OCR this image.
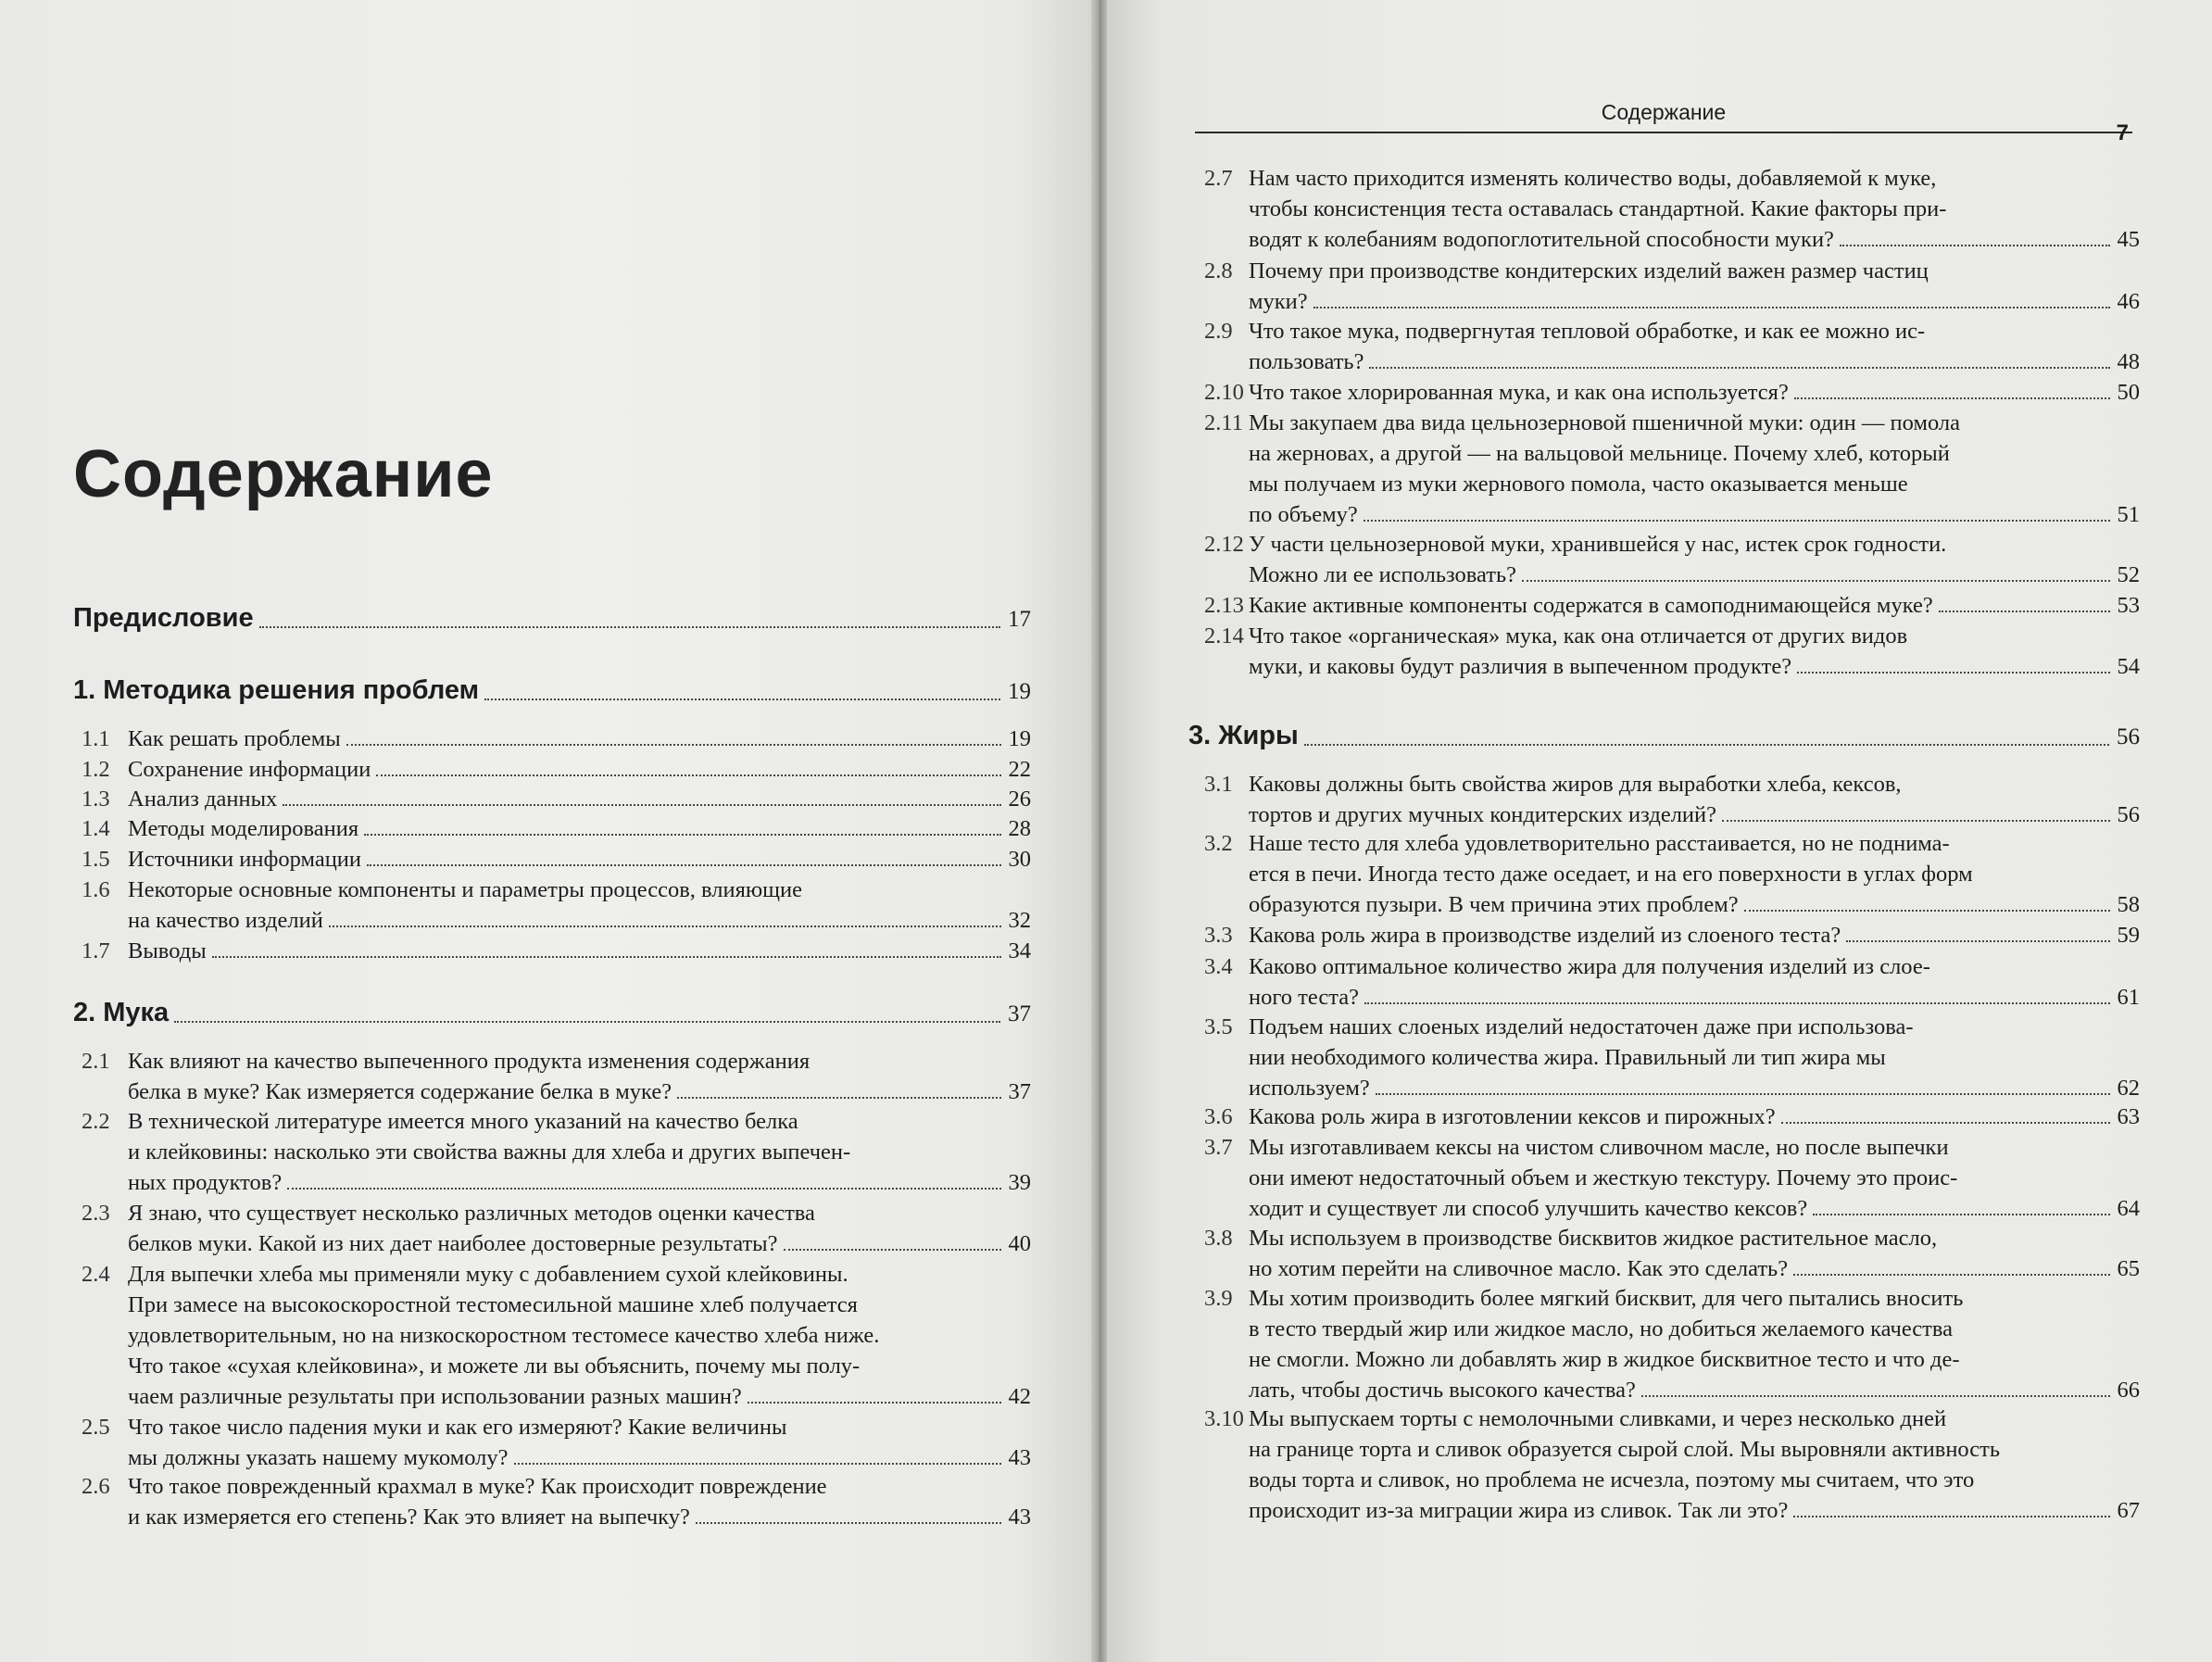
Содержание
Содержание
7
Предисловие	17
1. Методика решения проблем	19
1.1 Как решать проблемы	19
1.2 Сохранение информации	22
1.3 Анализ данных	26
1.4 Методы моделирования	28
1.5 Источники информации	30
1.6 Некоторые основные компоненты и параметры процессов, влияющие
на качество изделий	32
1.7 Выводы	34
2. Мука	37
2.1 Как влияют на качество выпеченного продукта изменения содержания
белка в муке? Как измеряется содержание белка в муке?	37
2.2 В технической литературе имеется много указаний на качество белка
и клейковины: насколько эти свойства важны для хлеба и других выпечен-
ных продуктов?	39
2.3 Я знаю, что существует несколько различных методов оценки качества
белков муки. Какой из них дает наиболее достоверные результаты?	40
2.4 Для выпечки хлеба мы применяли муку с добавлением сухой клейковины.
При замесе на высокоскоростной тестомесильной машине хлеб получается
удовлетворительным, но на низкоскоростном тестомесе качество хлеба ниже.
Что такое «сухая клейковина», и можете ли вы объяснить, почему мы полу-
чаем различные результаты при использовании разных машин?	42
2.5 Что такое число падения муки и как его измеряют? Какие величины
мы должны указать нашему мукомолу?	43
2.6 Что такое поврежденный крахмал в муке? Как происходит повреждение
и как измеряется его степень? Как это влияет на выпечку?	43
2.7 Нам часто приходится изменять количество воды, добавляемой к муке,
чтобы консистенция теста оставалась стандартной. Какие факторы при-
водят к колебаниям водопоглотительной способности муки?	45
2.8 Почему при производстве кондитерских изделий важен размер частиц
муки?	46
2.9 Что такое мука, подвергнутая тепловой обработке, и как ее можно ис-
пользовать?	48
2.10 Что такое хлорированная мука, и как она используется?	50
2.11 Мы закупаем два вида цельнозерновой пшеничной муки: один — помола
на жерновах, а другой — на вальцовой мельнице. Почему хлеб, который
мы получаем из муки жернового помола, часто оказывается меньше
по объему?	51
2.12 У части цельнозерновой муки, хранившейся у нас, истек срок годности.
Можно ли ее использовать?	52
2.13 Какие активные компоненты содержатся в самоподнимающейся муке?	53
2.14 Что такое «органическая» мука, как она отличается от других видов
муки, и каковы будут различия в выпеченном продукте?	54
3. Жиры	56
3.1 Каковы должны быть свойства жиров для выработки хлеба, кексов,
тортов и других мучных кондитерских изделий?	56
3.2 Наше тесто для хлеба удовлетворительно расстаивается, но не поднима-
ется в печи. Иногда тесто даже оседает, и на его поверхности в углах форм
образуются пузыри. В чем причина этих проблем?	58
3.3 Какова роль жира в производстве изделий из слоеного теста?	59
3.4 Каково оптимальное количество жира для получения изделий из слое-
ного теста?	61
3.5 Подъем наших слоеных изделий недостаточен даже при использова-
нии необходимого количества жира. Правильный ли тип жира мы
используем?	62
3.6 Какова роль жира в изготовлении кексов и пирожных?	63
3.7 Мы изготавливаем кексы на чистом сливочном масле, но после выпечки
они имеют недостаточный объем и жесткую текстуру. Почему это проис-
ходит и существует ли способ улучшить качество кексов?	64
3.8 Мы используем в производстве бисквитов жидкое растительное масло,
но хотим перейти на сливочное масло. Как это сделать?	65
3.9 Мы хотим производить более мягкий бисквит, для чего пытались вносить
в тесто твердый жир или жидкое масло, но добиться желаемого качества
не смогли. Можно ли добавлять жир в жидкое бисквитное тесто и что де-
лать, чтобы достичь высокого качества?	66
3.10 Мы выпускаем торты с немолочными сливками, и через несколько дней
на границе торта и сливок образуется сырой слой. Мы выровняли активность
воды торта и сливок, но проблема не исчезла, поэтому мы считаем, что это
происходит из-за миграции жира из сливок. Так ли это?	67
